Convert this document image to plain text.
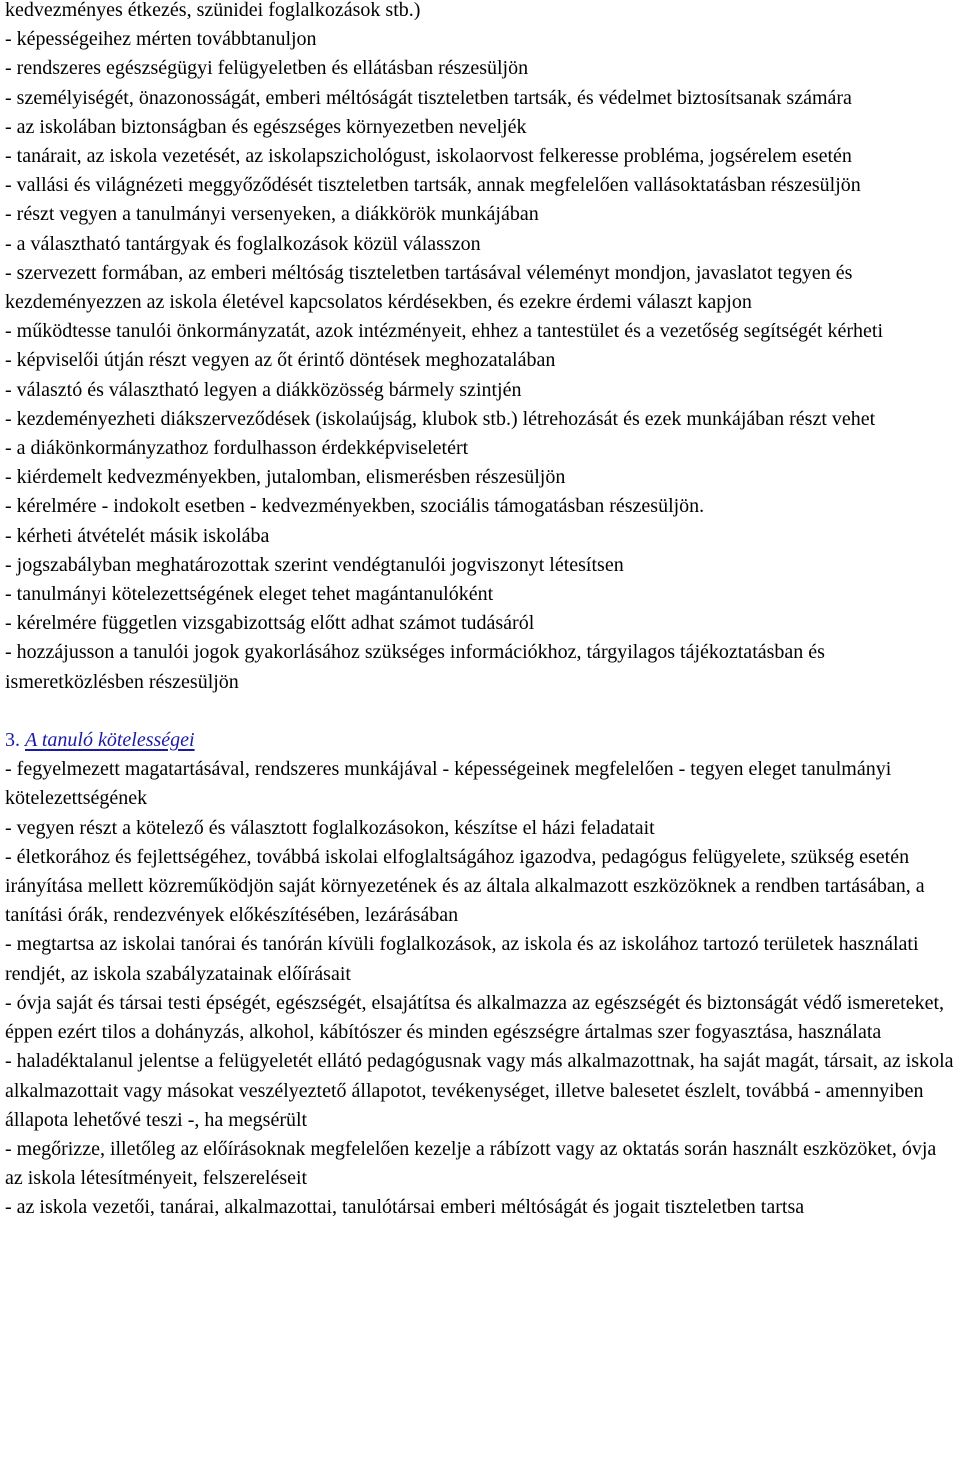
kedvezményes étkezés, szünidei foglalkozások stb.)

- képességeihez mérten továbbtanuljon

- rendszeres egészségügyi felügyeletben és ellátásban részesüljön

- személyiségét, önazonosságát, emberi méltóságát tiszteletben tartsák, és védelmet biztosítsanak számára

- az iskolában biztonságban és egészséges környezetben neveljék

- tanárait, az iskola vezetését, az iskolapszichológust, iskolaorvost felkeresse probléma, jogsérelem esetén

- vallási és világnézeti meggyőződését tiszteletben tartsák, annak megfelelően vallásoktatásban részesüljön

- részt vegyen a tanulmányi versenyeken, a diákkörök munkájában

- a választható tantárgyak és foglalkozások közül válasszon

- szervezett formában, az emberi méltóság tiszteletben tartásával véleményt mondjon, javaslatot tegyen és kezdeményezzen az iskola életével kapcsolatos kérdésekben, és ezekre érdemi választ kapjon

- működtesse tanulói önkormányzatát, azok intézményeit, ehhez a tantestület és a vezetőség segítségét kérheti

- képviselői útján részt vegyen az őt érintő döntések meghozatalában

- választó és választható legyen a diákközösség bármely szintjén

- kezdeményezheti diákszerveződések (iskolaújság, klubok stb.) létrehozását és ezek munkájában részt vehet

- a diákönkormányzathoz fordulhasson érdekképviseletért

- kiérdemelt kedvezményekben, jutalomban, elismerésben részesüljön

- kérelmére - indokolt esetben - kedvezményekben, szociális támogatásban részesüljön.

- kérheti átvételét másik iskolába

- jogszabályban meghatározottak szerint vendégtanulói jogviszonyt létesítsen

- tanulmányi kötelezettségének eleget tehet magántanulóként

- kérelmére független vizsgabizottság előtt adhat számot tudásáról

- hozzájusson a tanulói jogok gyakorlásához szükséges információkhoz, tárgyilagos tájékoztatásban és ismeretközlésben részesüljön

3. A tanuló kötelességei

- fegyelmezett magatartásával, rendszeres munkájával - képességeinek megfelelően - tegyen eleget tanulmányi kötelezettségének

- vegyen részt a kötelező és választott foglalkozásokon, készítse el házi feladatait

- életkorához és fejlettségéhez, továbbá iskolai elfoglaltságához igazodva, pedagógus felügyelete, szükség esetén irányítása mellett közreműködjön saját környezetének és az általa alkalmazott eszközöknek a rendben tartásában, a tanítási órák, rendezvények előkészítésében, lezárásában

- megtartsa az iskolai tanórai és tanórán kívüli foglalkozások, az iskola és az iskolához tartozó területek használati rendjét, az iskola szabályzatainak előírásait

- óvja saját és társai testi épségét, egészségét, elsajátítsa és alkalmazza az egészségét és biztonságát védő ismereteket, éppen ezért tilos a dohányzás, alkohol, kábítószer és minden egészségre ártalmas szer fogyasztása, használata

- haladéktalanul jelentse a felügyeletét ellátó pedagógusnak vagy más alkalmazottnak, ha saját magát, társait, az iskola alkalmazottait vagy másokat veszélyeztető állapotot, tevékenységet, illetve balesetet észlelt, továbbá - amennyiben állapota lehetővé teszi -, ha megsérült

- megőrizze, illetőleg az előírásoknak megfelelően kezelje a rábízott vagy az oktatás során használt eszközöket, óvja az iskola létesítményeit, felszereléseit

- az iskola vezetői, tanárai, alkalmazottai, tanulótársai emberi méltóságát és jogait tiszteletben tartsa
